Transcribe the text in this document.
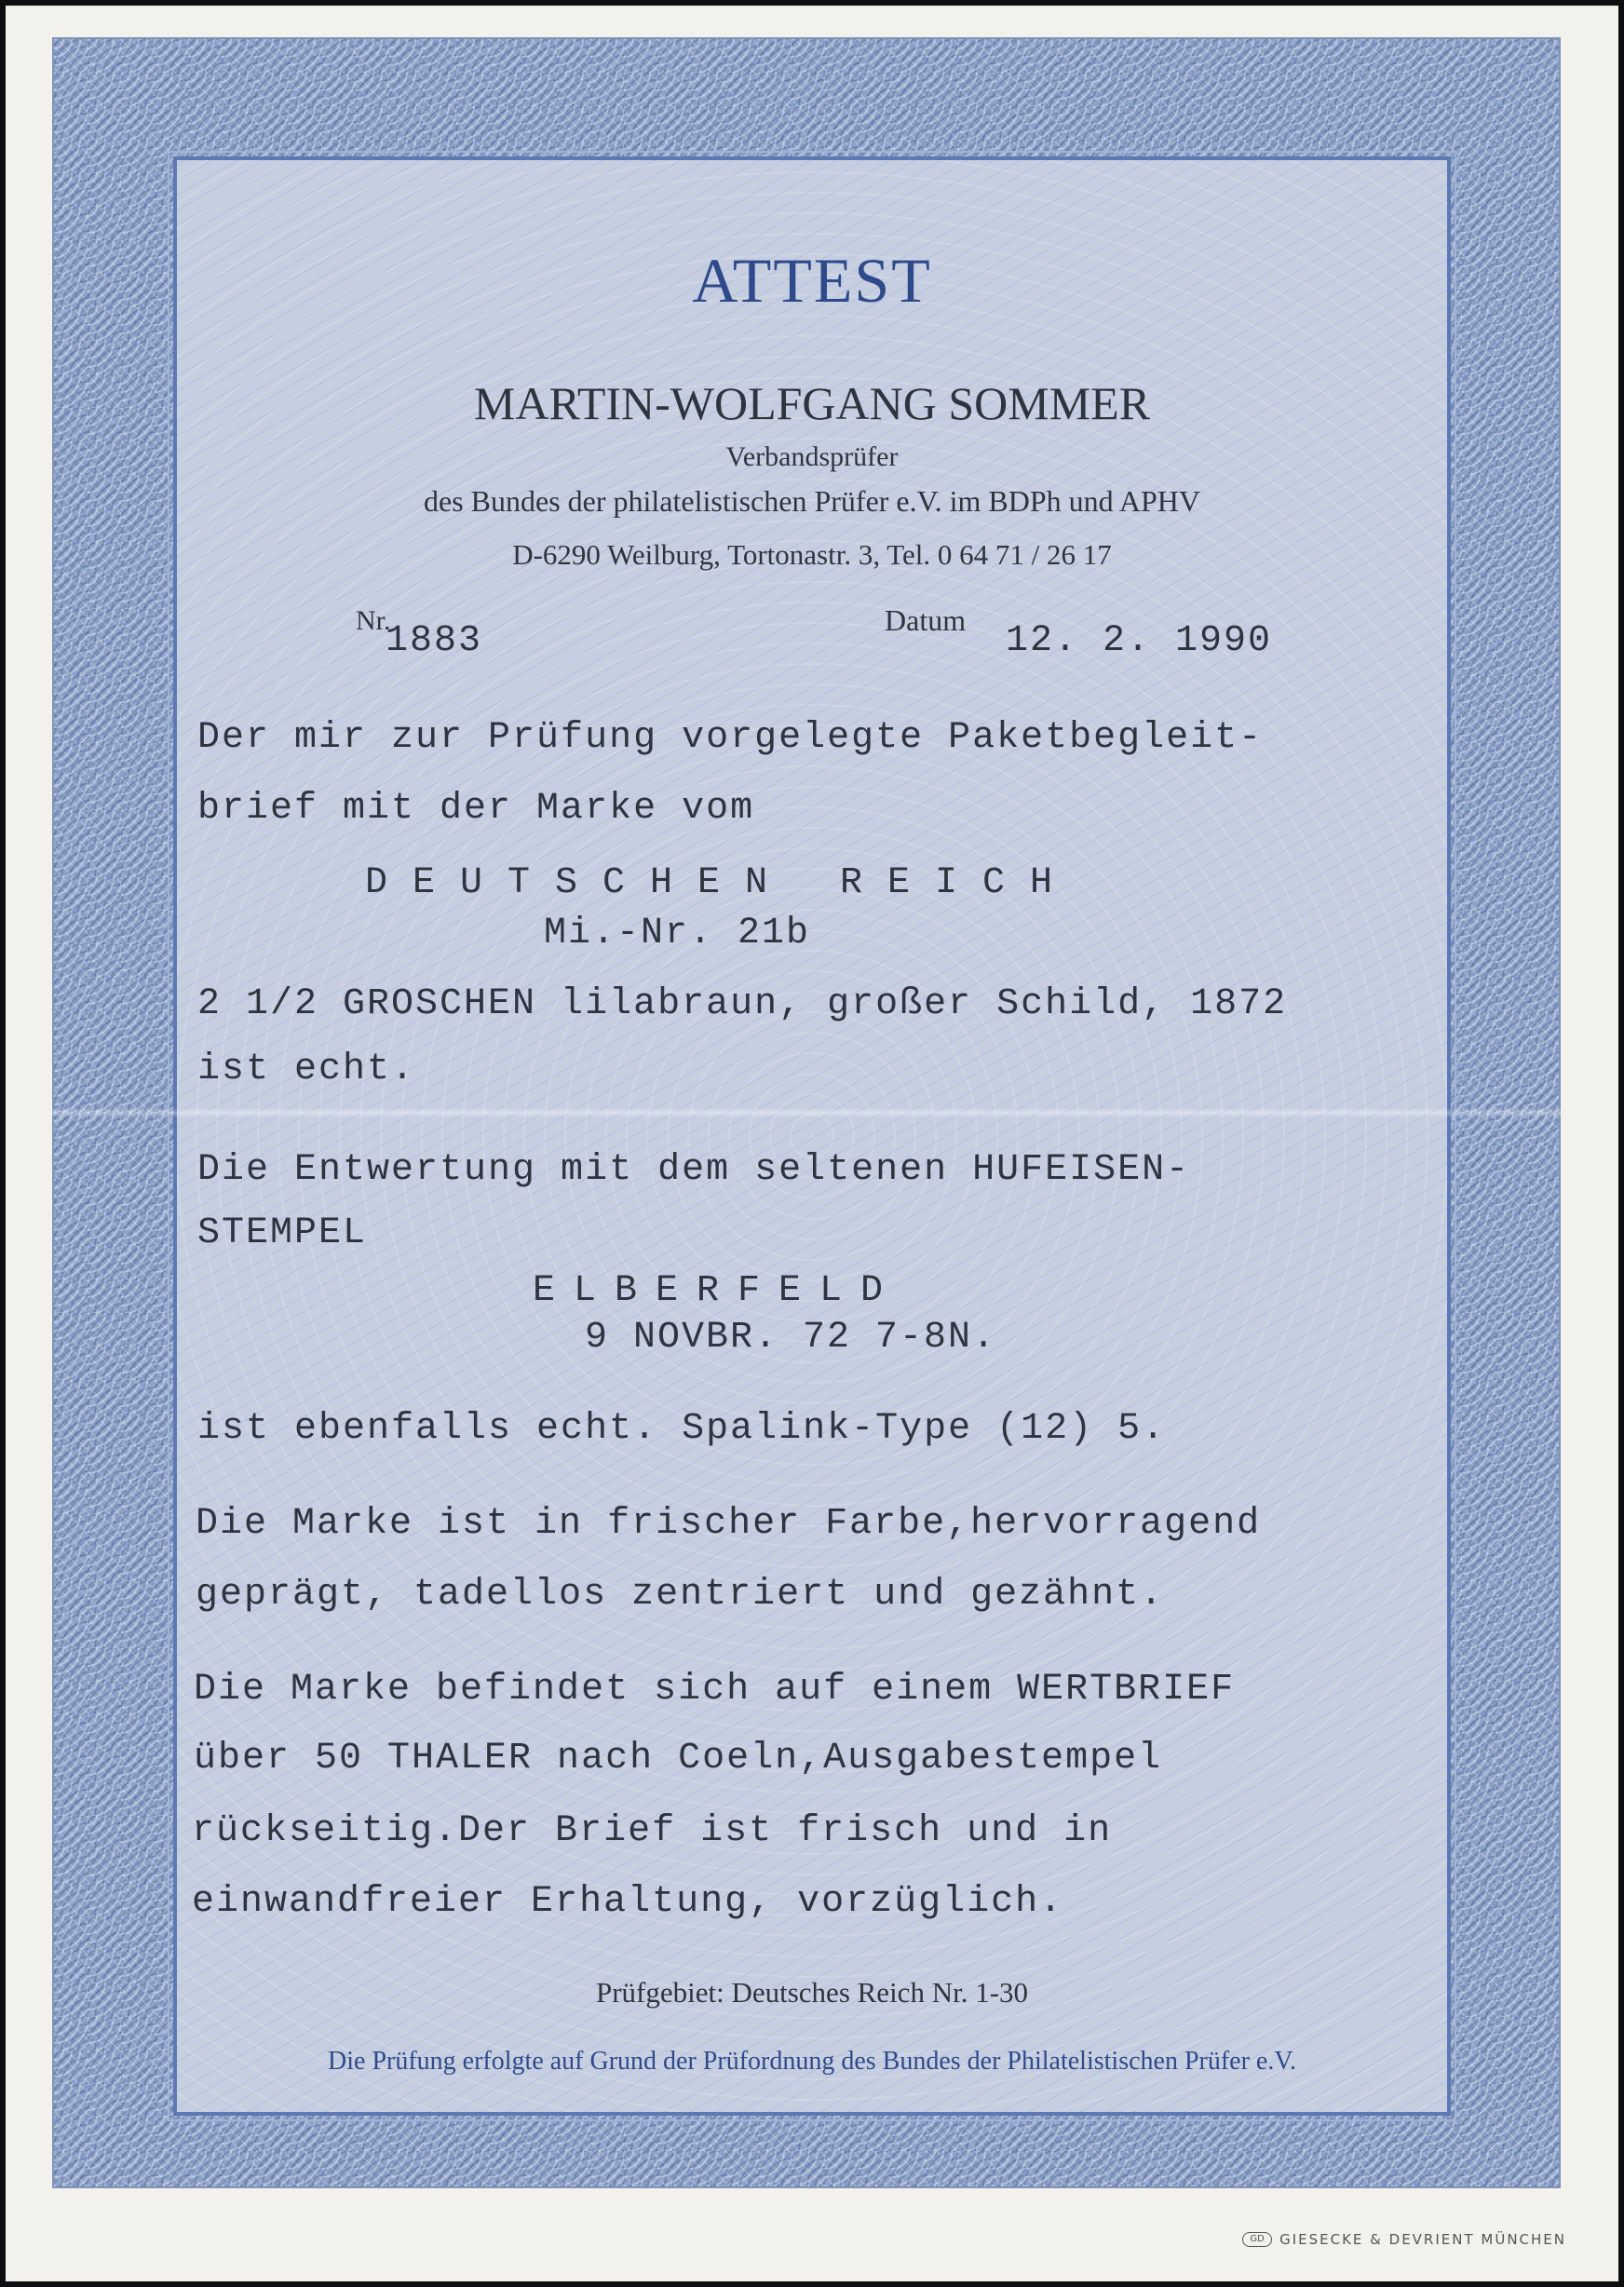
ATTEST
MARTIN-WOLFGANG SOMMER
Verbandsprüfer
des Bundes der philatelistischen Prüfer e.V. im BDPh und APHV
D-6290 Weilburg, Tortonastr. 3, Tel. 0 64 71 / 26 17
Nr.
1883	Datum 12. 2. 1990
Der mir zur Prüfung vorgelegte Paketbegleit-
brief mit der Marke vom
DEUTSCHEN REICH
Mi.-Nr. 21b
2 1/2 GROSCHEN lilabraun, großer Schild, 1872
ist echt.
Die Entwertung mit dem seltenen HUFEISEN-
STEMPEL
ELBERFELD
9 NOVBR. 72 7-8N.
ist ebenfalls echt. Spalink-Type (12) 5.
Die Marke ist in frischer Farbe,hervorragend
geprägt, tadellos zentriert und gezähnt.
Die Marke befindet sich auf einem WERTBRIEF
über 50 THALER nach Coeln,Ausgabestempel
rückseitig.Der Brief ist frisch und in
einwandfreier Erhaltung, vorzüglich.
Prüfgebiet: Deutsches Reich Nr. 1-30
Die Prüfung erfolgte auf Grund der Prüfordnung des Bundes der Philatelistischen Prüfer e.V.
GD	GIESECKE & DEVRIENT MÜNCHEN
